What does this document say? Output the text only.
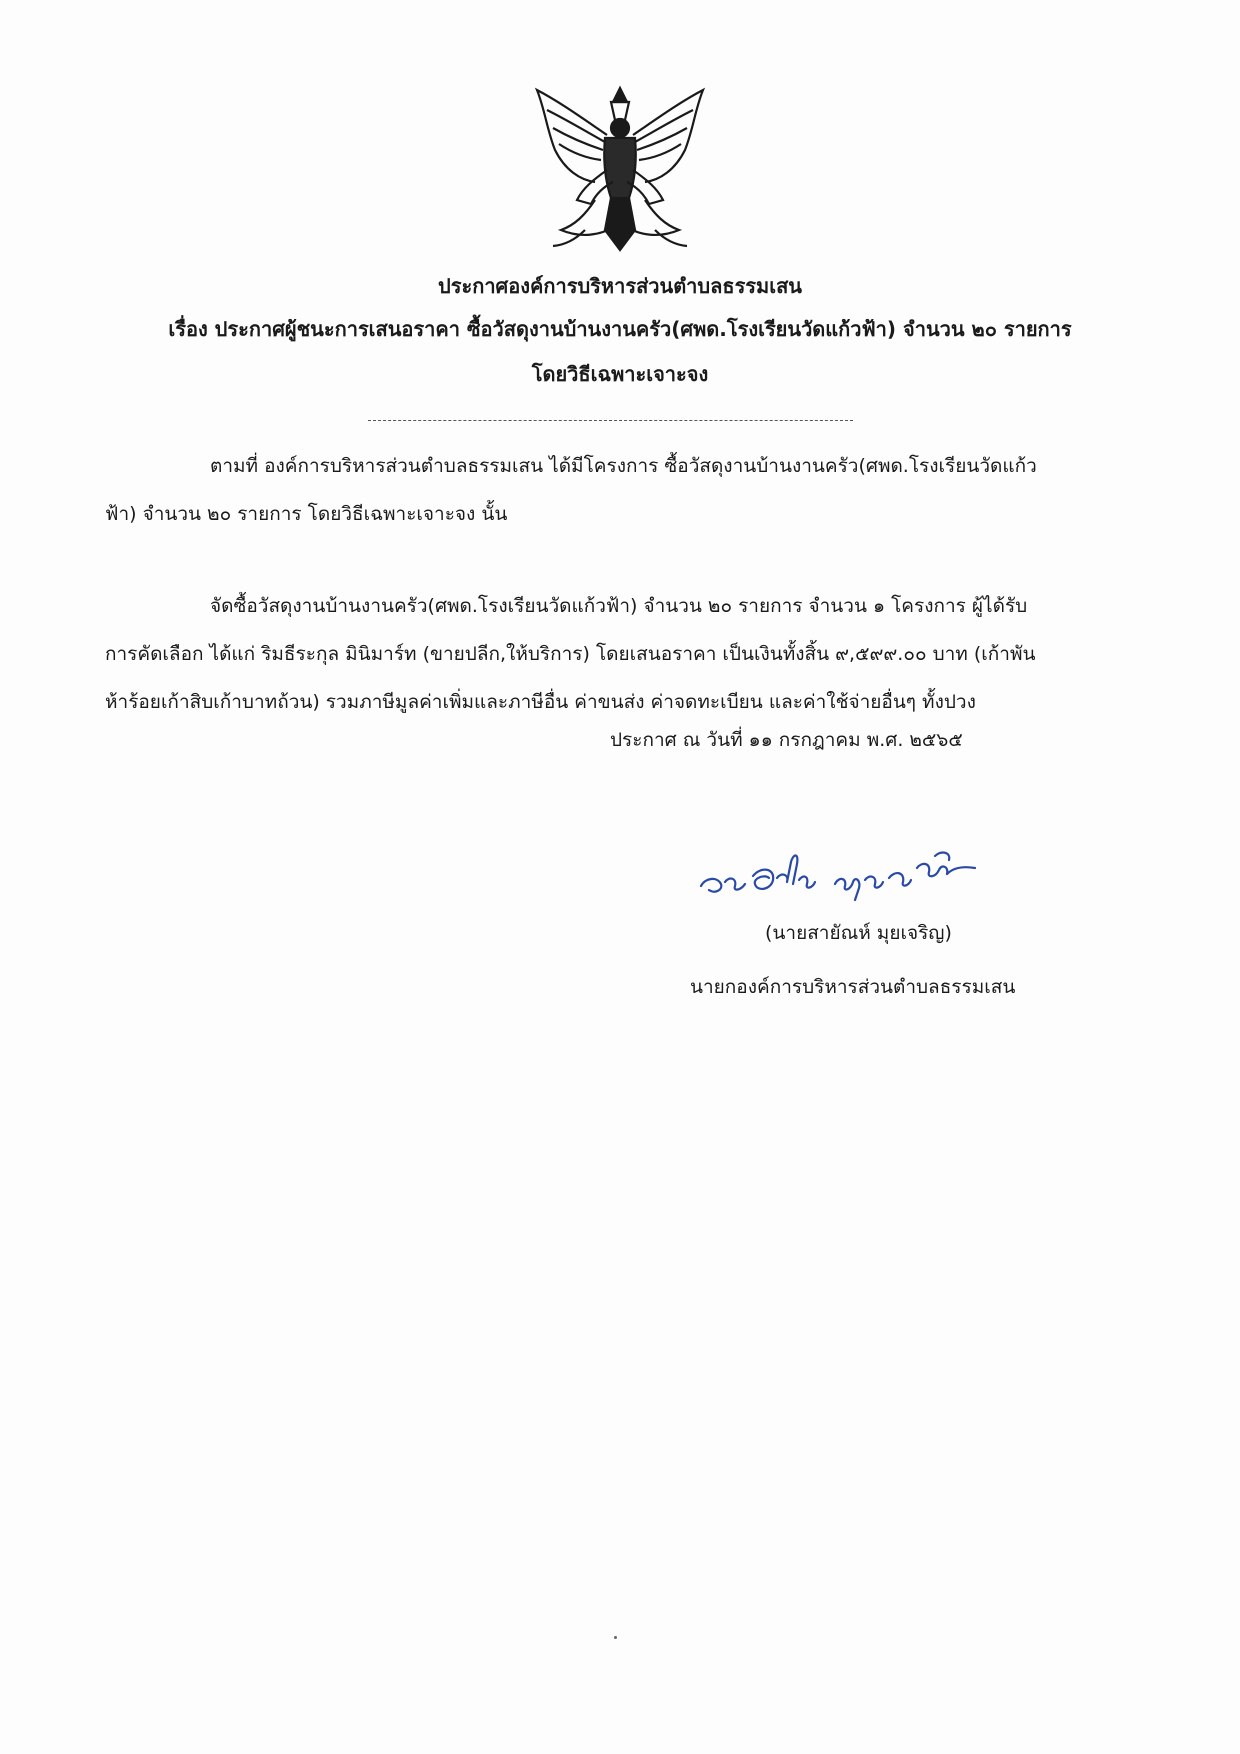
ประกาศองค์การบริหารส่วนตำบลธรรมเสน
เรื่อง ประกาศผู้ชนะการเสนอราคา ซื้อวัสดุงานบ้านงานครัว(ศพด.โรงเรียนวัดแก้วฟ้า) จำนวน ๒๐ รายการ
โดยวิธีเฉพาะเจาะจง
ตามที่ องค์การบริหารส่วนตำบลธรรมเสน ได้มีโครงการ ซื้อวัสดุงานบ้านงานครัว(ศพด.โรงเรียนวัดแก้ว
ฟ้า) จำนวน ๒๐ รายการ โดยวิธีเฉพาะเจาะจง นั้น
จัดซื้อวัสดุงานบ้านงานครัว(ศพด.โรงเรียนวัดแก้วฟ้า) จำนวน ๒๐ รายการ จำนวน ๑ โครงการ ผู้ได้รับ
การคัดเลือก ได้แก่ ริมธีระกุล มินิมาร์ท (ขายปลีก,ให้บริการ) โดยเสนอราคา เป็นเงินทั้งสิ้น ๙,๕๙๙.๐๐ บาท (เก้าพัน
ห้าร้อยเก้าสิบเก้าบาทถ้วน) รวมภาษีมูลค่าเพิ่มและภาษีอื่น ค่าขนส่ง ค่าจดทะเบียน และค่าใช้จ่ายอื่นๆ ทั้งปวง
ประกาศ ณ วันที่ ๑๑ กรกฎาคม พ.ศ. ๒๕๖๕
(นายสายัณห์ มุยเจริญ)
นายกองค์การบริหารส่วนตำบลธรรมเสน
